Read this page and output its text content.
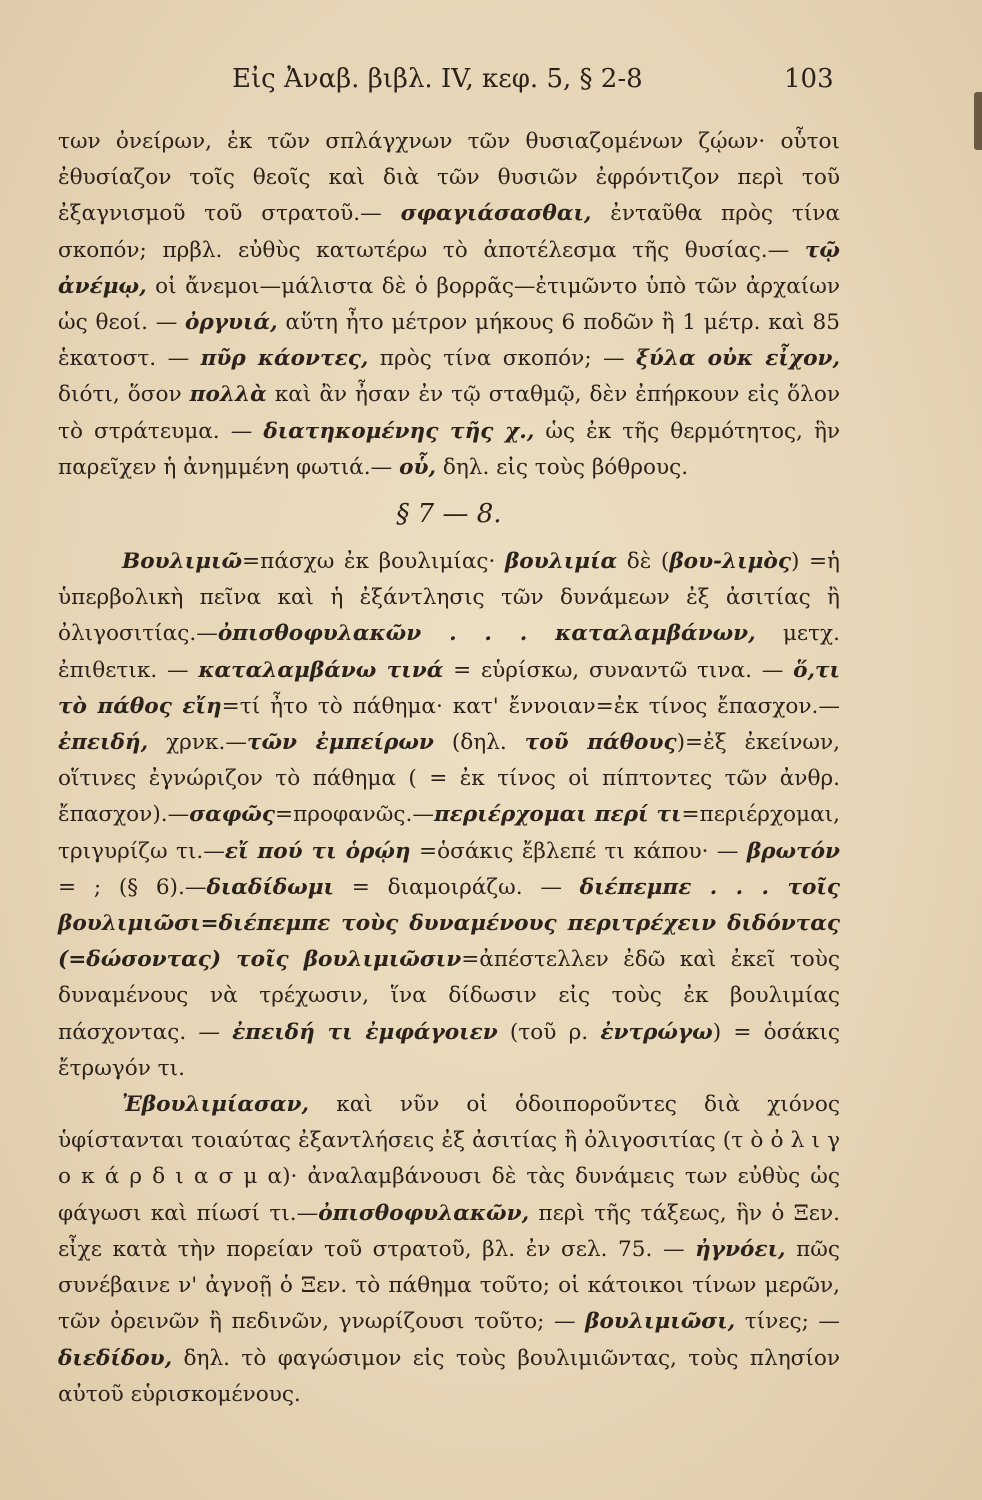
Εἰς Ἀναβ. βιβλ. IV, κεφ. 5, § 2-8	103

των ὀνείρων, ἐκ τῶν σπλάγχνων τῶν θυσιαζομένων ζῴων· οὗτοι ἐθυσίαζον τοῖς θεοῖς καὶ διὰ τῶν θυσιῶν ἐφρόντιζον περὶ τοῦ ἐξαγνισμοῦ τοῦ στρατοῦ.— σφαγιάσασθαι, ἐνταῦθα πρὸς τίνα σκοπόν; πρβλ. εὐθὺς κατωτέρω τὸ ἀποτέλεσμα τῆς θυσίας.— τῷ ἀνέμῳ, οἱ ἄνεμοι—μάλιστα δὲ ὁ βορρᾶς—ἐτιμῶντο ὑπὸ τῶν ἀρχαίων ὡς θεοί. — ὀργυιά, αὕτη ἦτο μέτρον μήκους 6 ποδῶν ἢ 1 μέτρ. καὶ 85 ἑκατοστ. — πῦρ κάοντες, πρὸς τίνα σκοπόν; — ξύλα οὐκ εἶχον, διότι, ὅσον πολλὰ καὶ ἂν ἦσαν ἐν τῷ σταθμῷ, δὲν ἐπήρκουν εἰς ὅλον τὸ στράτευμα. — διατηκομένης τῆς χ., ὡς ἐκ τῆς θερμότητος, ἣν παρεῖχεν ἡ ἀνημμένη φωτιά.— οὗ, δηλ. εἰς τοὺς βόθρους.

§ 7 — 8.

Βουλιμιῶ=πάσχω ἐκ βουλιμίας· βουλιμία δὲ (βου-λιμὸς) =ἡ ὑπερβολικὴ πεῖνα καὶ ἡ ἐξάντλησις τῶν δυνάμεων ἐξ ἀσιτίας ἢ ὀλιγοσιτίας.—ὀπισθοφυλακῶν . . . καταλαμβάνων, μετχ. ἐπιθετικ. — καταλαμβάνω τινά = εὑρίσκω, συναντῶ τινα. — ὅ,τι τὸ πάθος εἴη=τί ἦτο τὸ πάθημα· κατ' ἔννοιαν=ἐκ τίνος ἔπασχον.— ἐπειδή, χρνκ.—τῶν ἐμπείρων (δηλ. τοῦ πάθους)=ἐξ ἐκείνων, οἵτινες ἐγνώριζον τὸ πάθημα ( = ἐκ τίνος οἱ πίπτοντες τῶν ἀνθρ. ἔπασχον).—σαφῶς=προφανῶς.—περιέρχομαι περί τι=περιέρχομαι, τριγυρίζω τι.—εἴ πού τι ὁρῴη =ὁσάκις ἔβλεπέ τι κάπου· — βρωτόν = ; (§ 6).—διαδίδωμι = διαμοιράζω. — διέπεμπε . . . τοῖς βουλιμιῶσι=διέπεμπε τοὺς δυναμένους περιτρέχειν διδόντας (=δώσοντας) τοῖς βουλιμιῶσιν=ἀπέστελλεν ἐδῶ καὶ ἐκεῖ τοὺς δυναμένους νὰ τρέχωσιν, ἵνα δίδωσιν εἰς τοὺς ἐκ βουλιμίας πάσχοντας. — ἐπειδή τι ἐμφάγοιεν (τοῦ ρ. ἐντρώγω) = ὁσάκις ἔτρωγόν τι.

Ἐβουλιμίασαν, καὶ νῦν οἱ ὁδοιποροῦντες διὰ χιόνος ὑφίστανται τοιαύτας ἐξαντλήσεις ἐξ ἀσιτίας ἢ ὀλιγοσιτίας (τ ὸ ὀ λ ι γ ο κ ά ρ δ ι α σ μ α)· ἀναλαμβάνουσι δὲ τὰς δυνάμεις των εὐθὺς ὡς φάγωσι καὶ πίωσί τι.—ὀπισθοφυλακῶν, περὶ τῆς τάξεως, ἣν ὁ Ξεν. εἶχε κατὰ τὴν πορείαν τοῦ στρατοῦ, βλ. ἐν σελ. 75. — ἠγνόει, πῶς συνέβαινε ν' ἀγνοῇ ὁ Ξεν. τὸ πάθημα τοῦτο; οἱ κάτοικοι τίνων μερῶν, τῶν ὀρεινῶν ἢ πεδινῶν, γνωρίζουσι τοῦτο; — βουλιμιῶσι, τίνες; — διεδίδου, δηλ. τὸ φαγώσιμον εἰς τοὺς βουλιμιῶντας, τοὺς πλησίον αὐτοῦ εὑρισκομένους.
